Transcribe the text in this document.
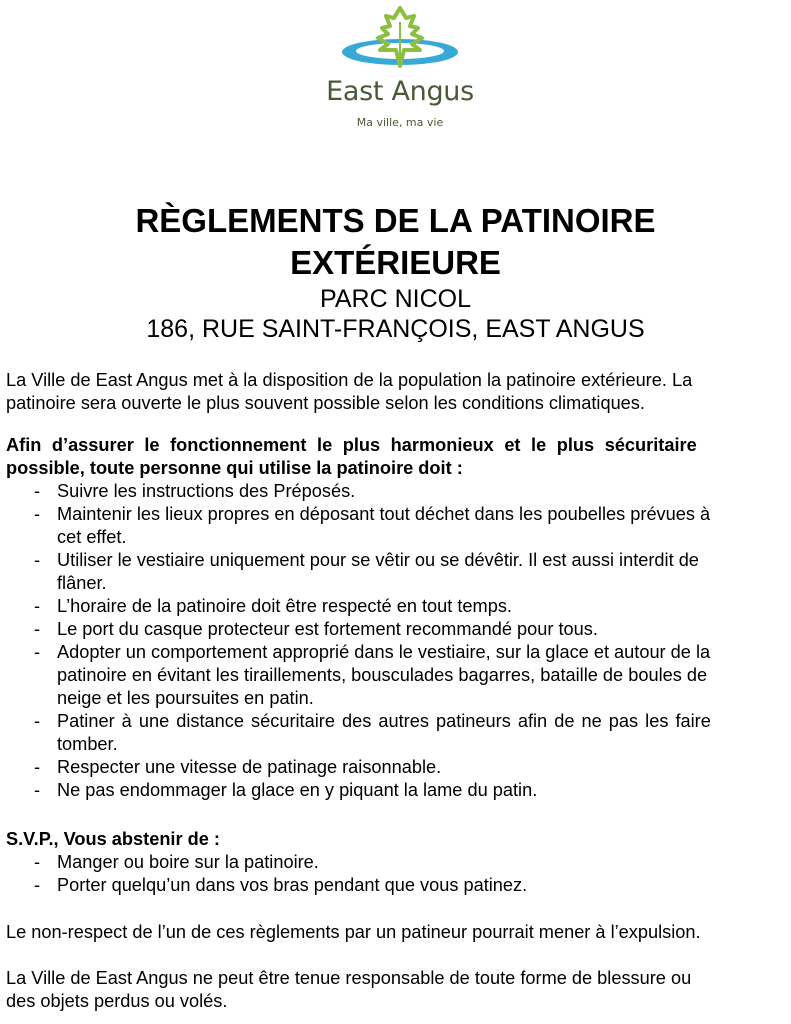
East Angus
Ma ville, ma vie
RÈGLEMENTS DE LA PATINOIRE
EXTÉRIEURE
PARC NICOL
186, RUE SAINT-FRANÇOIS, EAST ANGUS
La Ville de East Angus met à la disposition de la population la patinoire extérieure. La
patinoire sera ouverte le plus souvent possible selon les conditions climatiques.
Afin d’assurer le fonctionnement le plus harmonieux et le plus sécuritaire
possible, toute personne qui utilise la patinoire doit :
- Suivre les instructions des Préposés.
- Maintenir les lieux propres en déposant tout déchet dans les poubelles prévues à
cet effet.
- Utiliser le vestiaire uniquement pour se vêtir ou se dévêtir. Il est aussi interdit de
flâner.
- L’horaire de la patinoire doit être respecté en tout temps.
- Le port du casque protecteur est fortement recommandé pour tous.
- Adopter un comportement approprié dans le vestiaire, sur la glace et autour de la
patinoire en évitant les tiraillements, bousculades bagarres, bataille de boules de
neige et les poursuites en patin.
- Patiner à une distance sécuritaire des autres patineurs afin de ne pas les faire
tomber.
- Respecter une vitesse de patinage raisonnable.
- Ne pas endommager la glace en y piquant la lame du patin.
S.V.P., Vous abstenir de :
- Manger ou boire sur la patinoire.
- Porter quelqu’un dans vos bras pendant que vous patinez.
Le non-respect de l’un de ces règlements par un patineur pourrait mener à l’expulsion.
La Ville de East Angus ne peut être tenue responsable de toute forme de blessure ou
des objets perdus ou volés.
